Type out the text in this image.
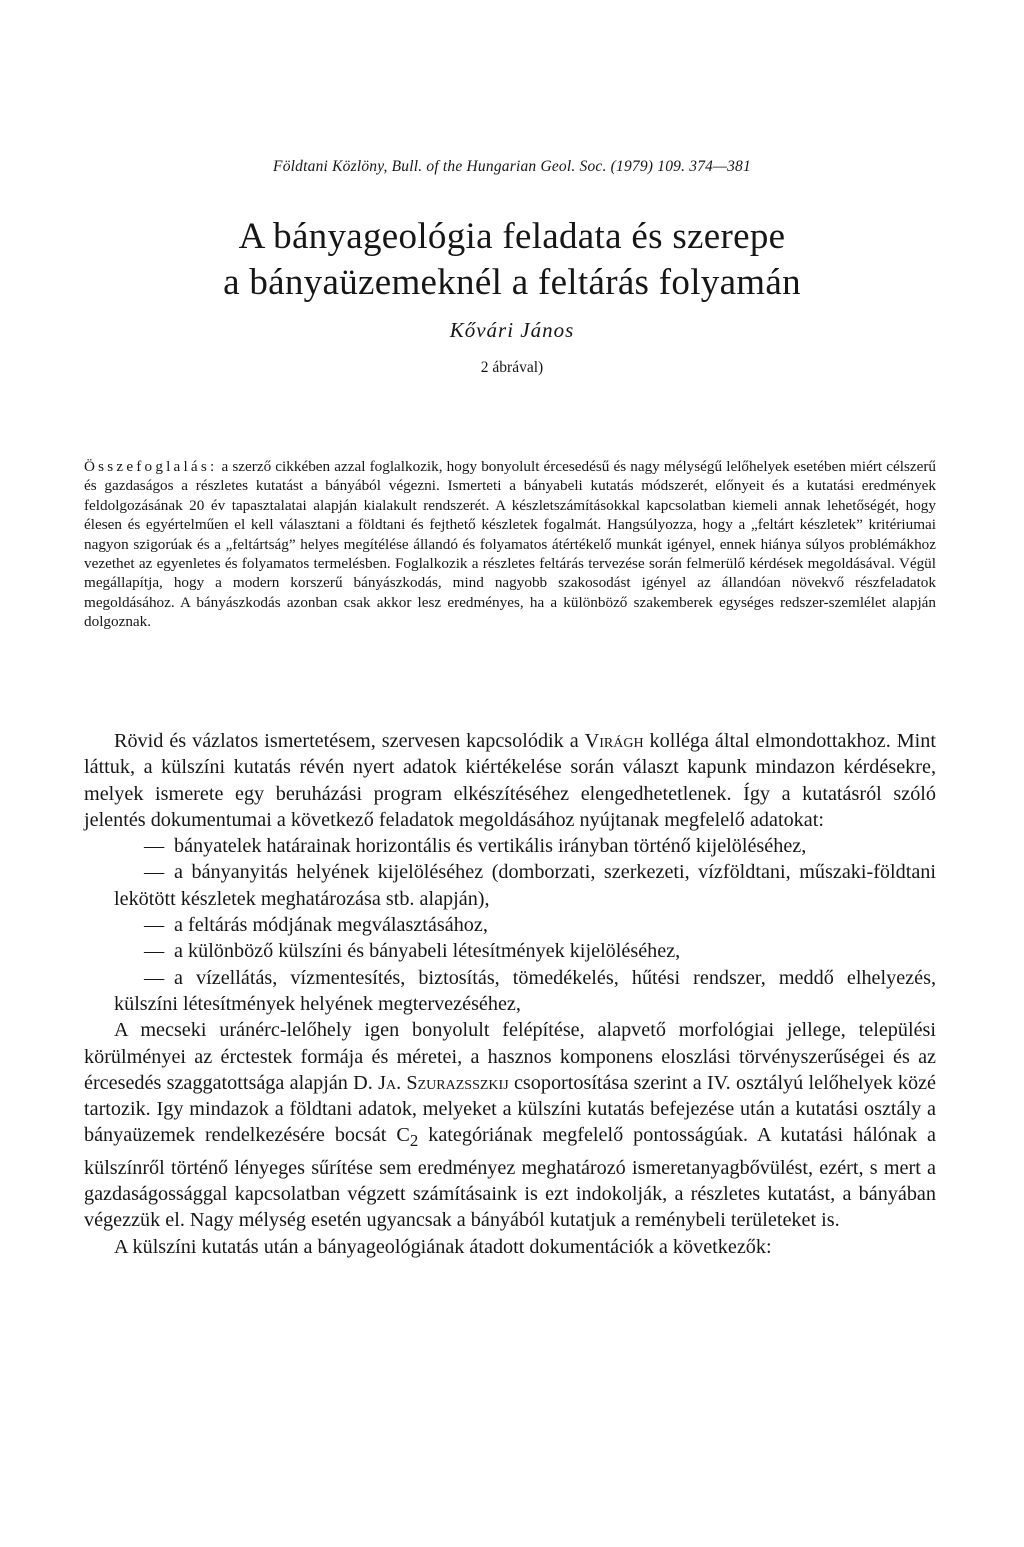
Földtani Közlöny, Bull. of the Hungarian Geol. Soc. (1979) 109. 374—381
A bányageológia feladata és szerepe
a bányaüzemeknél a feltárás folyamán
Kővári János
2 ábrával)

Összefoglalás: a szerző cikkében azzal foglalkozik, hogy bonyolult ércesedésű és nagy mélységű lelőhelyek esetében miért célszerű és gazdaságos a részletes kutatást a bányából végezni. Ismerteti a bányabeli kutatás módszerét, előnyeit és a kutatási eredmények feldolgozásának 20 év tapasztalatai alapján kialakult rendszerét. A készletszámításokkal kapcsolatban kiemeli annak lehetőségét, hogy élesen és egyértelműen el kell választani a földtani és fejthető készletek fogalmát. Hangsúlyozza, hogy a „feltárt készletek” kritériumai nagyon szigorúak és a „feltártság” helyes megítélése állandó és folyamatos átértékelő munkát igényel, ennek hiánya súlyos problémákhoz vezethet az egyenletes és folyamatos termelésben. Foglalkozik a részletes feltárás tervezése során felmerülő kérdések megoldásával. Végül megállapítja, hogy a modern korszerű bányászkodás, mind nagyobb szakosodást igényel az állandóan növekvő részfeladatok megoldásához. A bányászkodás azonban csak akkor lesz eredményes, ha a különböző szakemberek egységes redszer-szemlélet alapján dolgoznak.

Rövid és vázlatos ismertetésem, szervesen kapcsolódik a Virágh kolléga által elmondottakhoz. Mint láttuk, a külszíni kutatás révén nyert adatok kiértékelése során választ kapunk mindazon kérdésekre, melyek ismerete egy beruházási program elkészítéséhez elengedhetetlenek. Így a kutatásról szóló jelentés dokumentumai a következő feladatok megoldásához nyújtanak megfelelő adatokat:

— bányatelek határainak horizontális és vertikális irányban történő kijelöléséhez,

— a bányanyitás helyének kijelöléséhez (domborzati, szerkezeti, vízföldtani, műszaki-földtani lekötött készletek meghatározása stb. alapján),

— a feltárás módjának megválasztásához,

— a különböző külszíni és bányabeli létesítmények kijelöléséhez,

— a vízellátás, vízmentesítés, biztosítás, tömedékelés, hűtési rendszer, meddő elhelyezés, külszíni létesítmények helyének megtervezéséhez,

A mecseki uránérc-lelőhely igen bonyolult felépítése, alapvető morfológiai jellege, települési körülményei az érctestek formája és méretei, a hasznos komponens eloszlási törvényszerűségei és az ércesedés szaggatottsága alapján D. Ja. Szurazsszkij csoportosítása szerint a IV. osztályú lelőhelyek közé tartozik. Igy mindazok a földtani adatok, melyeket a külszíni kutatás befejezése után a kutatási osztály a bányaüzemek rendelkezésére bocsát $C_2$ kategóriának megfelelő pontosságúak. A kutatási hálónak a külszínről történő lényeges sűrítése sem eredményez meghatározó ismeretanyagbővülést, ezért, s mert a gazdaságossággal kapcsolatban végzett számításaink is ezt indokolják, a részletes kutatást, a bányában végezzük el. Nagy mélység esetén ugyancsak a bányából kutatjuk a reménybeli területeket is.

A külszíni kutatás után a bányageológiának átadott dokumentációk a következők:
